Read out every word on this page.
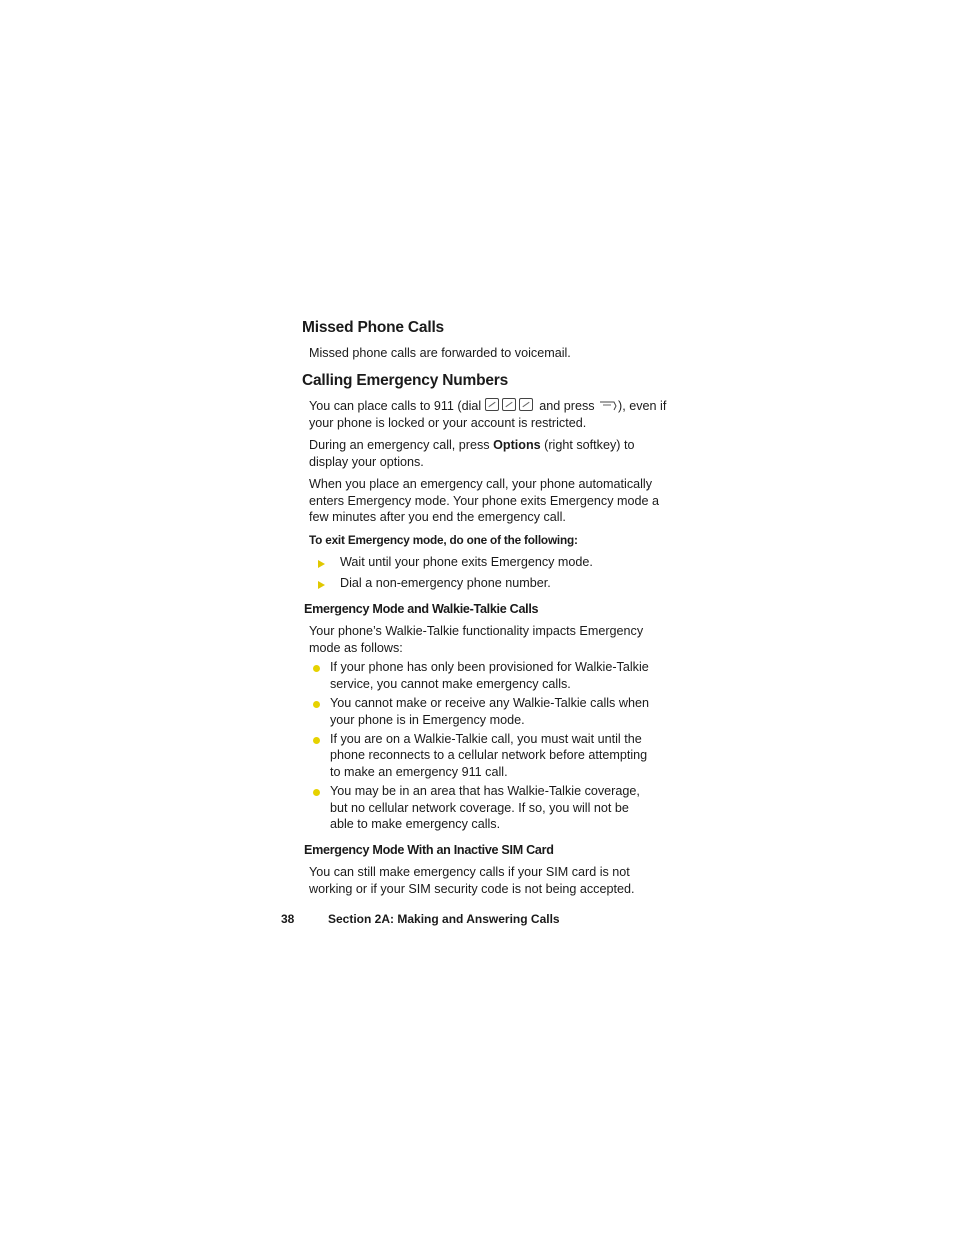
Missed Phone Calls
Missed phone calls are forwarded to voicemail.
Calling Emergency Numbers
You can place calls to 911 (dial	and press ), even if
your phone is locked or your account is restricted.
During an emergency call, press Options (right softkey) to
display your options.
When you place an emergency call, your phone automatically
enters Emergency mode. Your phone exits Emergency mode a
few minutes after you end the emergency call.
To exit Emergency mode, do one of the following:
Wait until your phone exits Emergency mode.
Dial a non-emergency phone number.
Emergency Mode and Walkie-Talkie Calls
Your phone’s Walkie-Talkie functionality impacts Emergency
mode as follows:
If your phone has only been provisioned for Walkie-Talkie
service, you cannot make emergency calls.
You cannot make or receive any Walkie-Talkie calls when
your phone is in Emergency mode.
If you are on a Walkie-Talkie call, you must wait until the
phone reconnects to a cellular network before attempting
to make an emergency 911 call.
You may be in an area that has Walkie-Talkie coverage,
but no cellular network coverage. If so, you will not be
able to make emergency calls.
Emergency Mode With an Inactive SIM Card
You can still make emergency calls if your SIM card is not
working or if your SIM security code is not being accepted.
38	Section 2A: Making and Answering Calls
